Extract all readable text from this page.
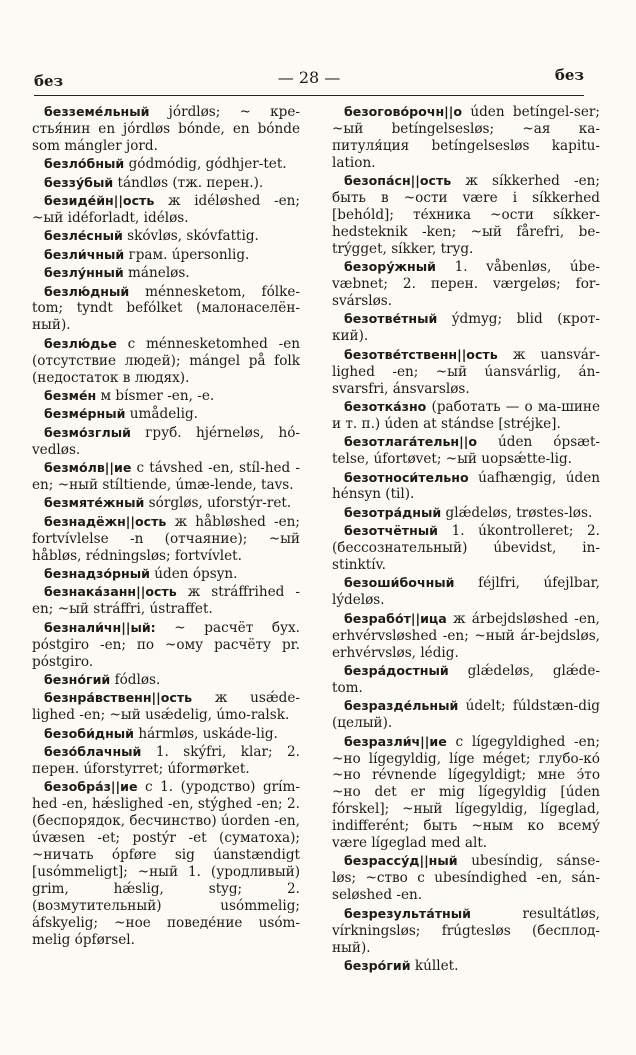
без	— 28 —	без

безземе́льный jórdløs; ~ кре-стья́нин en jórdløs bónde, en bónde som mángler jord.

безло́бный gódmódig, gódhjer-tet.

беззу́бый tándløs (тж. перен.).

безиде́йн||ость ж idéløshed -en; ~ый idéforladt, idéløs.

безле́сный skóvløs, skóvfattig.

безли́чный грам. úpersonlig.

безлу́нный máneløs.

безлю́дный ménnesketom, fólke-tom; tyndt befólket (малонаселён-ный).

безлю́дье с ménnesketomhed -en (отсутствие людей); mángel på folk (недостаток в людях).

безме́н м bísmer -en, -e.

безме́рный umådelig.

безмо́зглый груб. hjérneløs, hó-vedløs.

безмо́лв||ие с távshed -en, stíl-hed -en; ~ный stíltiende, úmæ-lende, tavs.

безмяте́жный sórgløs, uforstýr-ret.

безнадёжн||ость ж håbløshed -en; fortvívlelse -n (отчаяние); ~ый håbløs, rédningsløs; fortvívlet.

безнадзо́рный úden ópsyn.

безнака́занн||ость ж stráffrihed -en; ~ый stráffri, ústraffet.

безнали́чн||ый: ~ расчёт бух. póstgiro -en; по ~ому расчёту pr. póstgiro.

безно́гий fódløs.

безнра́вственн||ость ж usǽde-lighed -en; ~ый usǽdelig, úmo-ralsk.

безоби́дный hármløs, uskáde-lig.

безо́блачный 1. skýfri, klar; 2. перен. úforstyrret; úformørket.

безобра́з||ие с 1. (уродство) grím-hed -en, hǽslighed -en, stýghed -en; 2. (беспорядок, бесчинство) úorden -en, úvæsen -et; postýr -et (суматоха); ~ничать ópføre sig úanstændigt [usómmeligt]; ~ный 1. (уродливый) grim, hǽslig, styg; 2. (возмутительный) usómmelig; áfskyelig; ~ное поведе́ние usóm-melig ópførsel.

безогово́рочн||о úden betíngel-ser; ~ый betíngelsesløs; ~ая ка-питуля́ция betíngelsesløs kapitu-lation.

безопа́сн||ость ж síkkerhed -en; быть в ~ости være i síkkerhed [behóld]; те́хника ~ости síkker-hedsteknik -ken; ~ый fårefri, be-trýgget, síkker, tryg.

безору́жный 1. våbenløs, úbe-væbnet; 2. перен. værgeløs; for-svársløs.

безотве́тный ýdmyg; blid (крот-кий).

безотве́тственн||ость ж uansvár-lighed -en; ~ый úansvárlig, án-svarsfri, ánsvarsløs.

безотка́зно (работать — о ма-шине и т. п.) úden at stándse [stréjke].

безотлага́тельн||о úden ópsæt-telse, úfortøvet; ~ый uopsǽtte-lig.

безотноси́тельно úafhængig, úden hénsyn (til).

безотра́дный glǽdeløs, trøstes-løs.

безотчётный 1. úkontrolleret; 2. (бессознательный) úbevidst, in-stinktív.

безоши́бочный féjlfri, úfejlbar, lýdeløs.

безрабо́т||ица ж árbejdsløshed -en, erhvérvsløshed -en; ~ный ár-bejdsløs, erhvérvsløs, lédig.

безра́достный glǽdeløs, glǽde-tom.

безразде́льный údelt; fúldstæn-dig (целый).

безразли́ч||ие с lígegyldighed -en; ~но lígegyldig, líge méget; глубо-ко́ ~но révnende lígegyldigt; мне э́то ~но det er mig lígegyldig [úden fórskel]; ~ный lígegyldig, lígeglad, indifferént; быть ~ным ко всему́ være lígeglad med alt.

безрассу́д||ный ubesíndig, sánse-løs; ~ство с ubesíndighed -en, sán-seløshed -en.

безрезульта́тный	resultátløs, vírkningsløs; frúgtesløs (бесплод-ный).

безро́гий kúllet.
